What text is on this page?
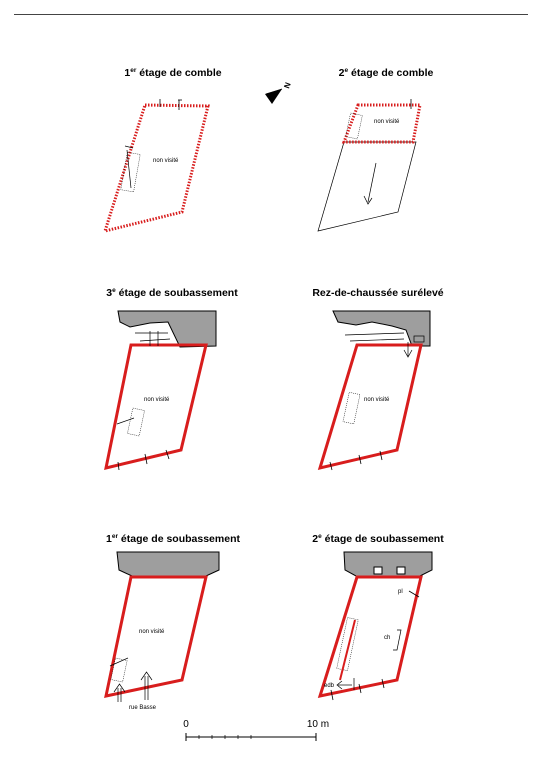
1er étage de comble	2e étage de comble
3e étage de soubassement	Rez-de-chaussée surélevé
1er étage de soubassement	2e étage de soubassement
N
non visité
non visité
non visité	non visité
non visité
rue Basse
pl
ch
edb
0	10 m
